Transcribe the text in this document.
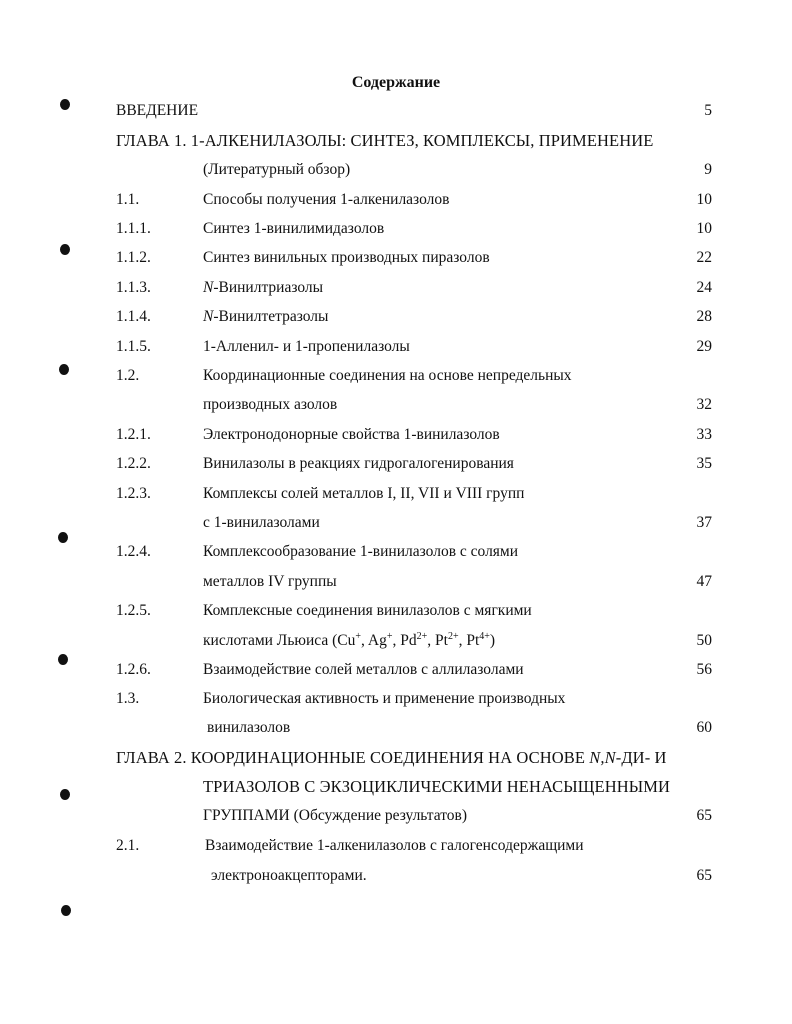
Содержание
ВВЕДЕНИЕ	5
ГЛАВА 1. 1-АЛКЕНИЛАЗОЛЫ: СИНТЕЗ, КОМПЛЕКСЫ, ПРИМЕНЕНИЕ
(Литературный обзор)	9
1.1.	Способы получения 1-алкенилазолов	10
1.1.1.	Синтез 1-винилимидазолов	10
1.1.2.	Синтез винильных производных пиразолов	22
1.1.3.	N-Винилтриазолы	24
1.1.4.	N-Винилтетразолы	28
1.1.5.	1-Алленил- и 1-пропенилазолы	29
1.2.	Координационные соединения на основе непредельных
производных азолов	32
1.2.1.	Электронодонорные свойства 1-винилазолов	33
1.2.2.	Винилазолы в реакциях гидрогалогенирования	35
1.2.3.	Комплексы солей металлов I, II, VII и VIII групп
с 1-винилазолами	37
1.2.4.	Комплексообразование 1-винилазолов с солями
металлов IV группы	47
1.2.5.	Комплексные соединения винилазолов с мягкими
кислотами Льюиса (Cu+, Ag+, $Pd^{2+}$, $Pt^{2+}$, $Pt^{4+}$)	50
1.2.6.	Взаимодействие солей металлов с аллилазолами	56
1.3.	Биологическая активность и применение производных
винилазолов	60
ГЛАВА 2. КООРДИНАЦИОННЫЕ СОЕДИНЕНИЯ НА ОСНОВЕ N,N-ДИ- И
ТРИАЗОЛОВ С ЭКЗОЦИКЛИЧЕСКИМИ НЕНАСЫЩЕННЫМИ
ГРУППАМИ (Обсуждение результатов)	65
2.1.	Взаимодействие 1-алкенилазолов с галогенсодержащими
электроноакцепторами.	65
